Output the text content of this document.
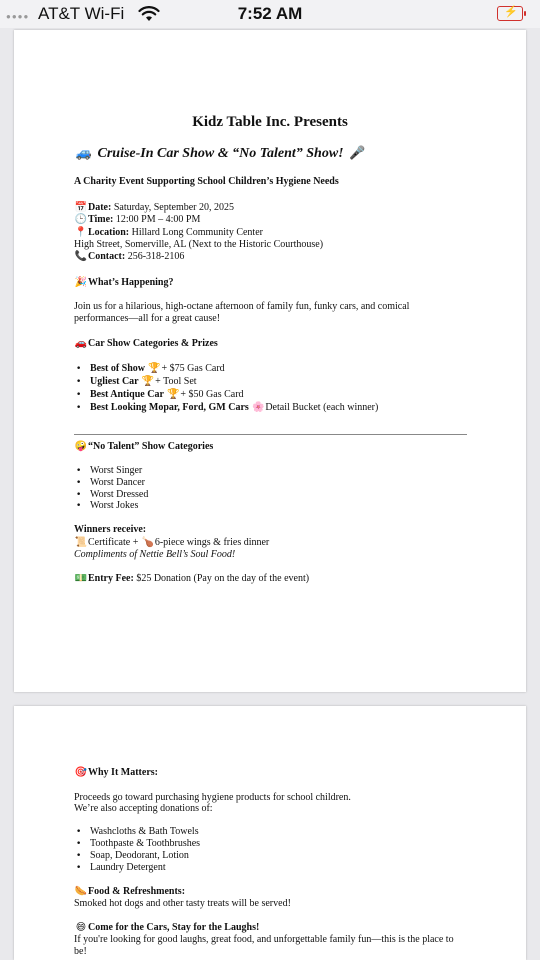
●●●● AT&T Wi-Fi	7:52 AM	⚡
Kidz Table Inc. Presents
🚙 Cruise-In Car Show & “No Talent” Show! 🎤
A Charity Event Supporting School Children’s Hygiene Needs
📅Date: Saturday, September 20, 2025
🕒Time: 12:00 PM – 4:00 PM
📍Location: Hillard Long Community Center
High Street, Somerville, AL (Next to the Historic Courthouse)
📞Contact: 256-318-2106
🎉What’s Happening?
Join us for a hilarious, high-octane afternoon of family fun, funky cars, and comical
performances—all for a great cause!
🚗Car Show Categories & Prizes
• Best of Show 🏆+ $75 Gas Card
• Ugliest Car 🏆+ Tool Set
• Best Antique Car 🏆+ $50 Gas Card
• Best Looking Mopar, Ford, GM Cars 🌸Detail Bucket (each winner)
🤪“No Talent” Show Categories
• Worst Singer
• Worst Dancer
• Worst Dressed
• Worst Jokes
Winners receive:
📜Certificate + 🍗6-piece wings & fries dinner
Compliments of Nettie Bell’s Soul Food!
💵Entry Fee: $25 Donation (Pay on the day of the event)
🎯Why It Matters:
Proceeds go toward purchasing hygiene products for school children.
We’re also accepting donations of:
• Washcloths & Bath Towels
• Toothpaste & Toothbrushes
• Soap, Deodorant, Lotion
• Laundry Detergent
🌭Food & Refreshments:
Smoked hot dogs and other tasty treats will be served!
😄 Come for the Cars, Stay for the Laughs!
If you're looking for good laughs, great food, and unforgettable family fun—this is the place to
be!
